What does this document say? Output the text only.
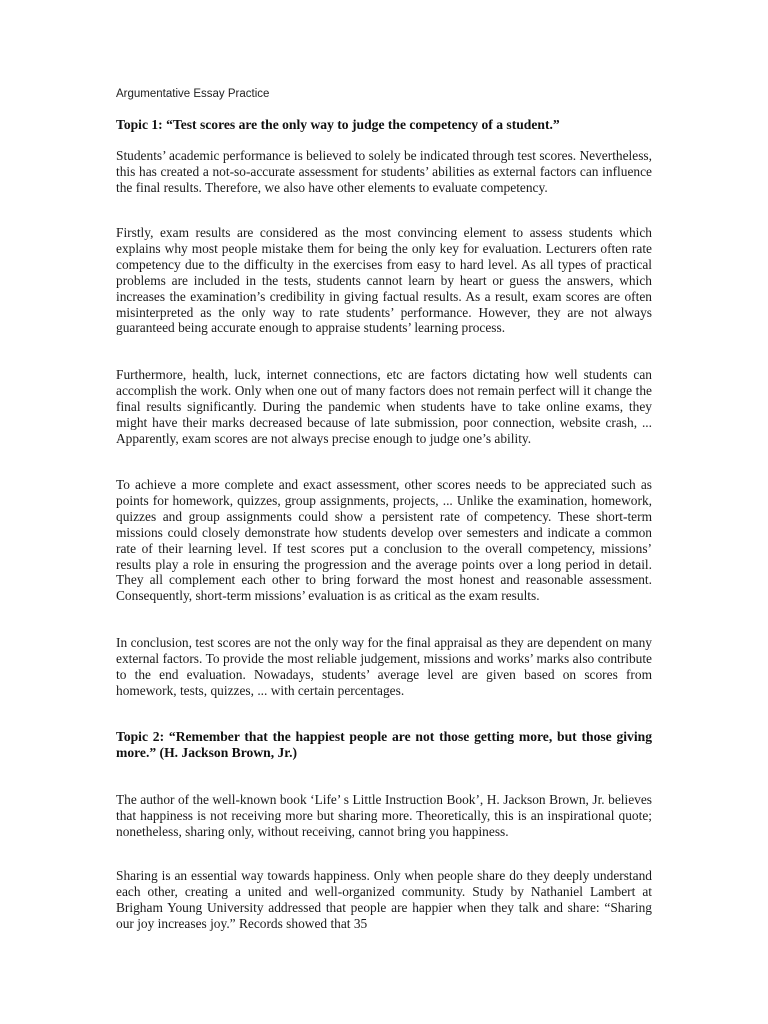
Argumentative Essay Practice

Topic 1: “Test scores are the only way to judge the competency of a student.”

Students’ academic performance is believed to solely be indicated through test scores. Nevertheless, this has created a not-so-accurate assessment for students’ abilities as external factors can influence the final results. Therefore, we also have other elements to evaluate competency.

Firstly, exam results are considered as the most convincing element to assess students which explains why most people mistake them for being the only key for evaluation. Lecturers often rate competency due to the difficulty in the exercises from easy to hard level. As all types of practical problems are included in the tests, students cannot learn by heart or guess the answers, which increases the examination’s credibility in giving factual results. As a result, exam scores are often misinterpreted as the only way to rate students’ performance. However, they are not always guaranteed being accurate enough to appraise students’ learning process.

Furthermore, health, luck, internet connections, etc are factors dictating how well students can accomplish the work. Only when one out of many factors does not remain perfect will it change the final results significantly. During the pandemic when students have to take online exams, they might have their marks decreased because of late submission, poor connection, website crash, ... Apparently, exam scores are not always precise enough to judge one’s ability.

To achieve a more complete and exact assessment, other scores needs to be appreciated such as points for homework, quizzes, group assignments, projects, ... Unlike the examination, homework, quizzes and group assignments could show a persistent rate of competency. These short-term missions could closely demonstrate how students develop over semesters and indicate a common rate of their learning level. If test scores put a conclusion to the overall competency, missions’ results play a role in ensuring the progression and the average points over a long period in detail. They all complement each other to bring forward the most honest and reasonable assessment. Consequently, short-term missions’ evaluation is as critical as the exam results.

In conclusion, test scores are not the only way for the final appraisal as they are dependent on many external factors. To provide the most reliable judgement, missions and works’ marks also contribute to the end evaluation. Nowadays, students’ average level are given based on scores from homework, tests, quizzes, ... with certain percentages.

Topic 2: “Remember that the happiest people are not those getting more, but those giving more.” (H. Jackson Brown, Jr.)

The author of the well-known book ‘Life’ s Little Instruction Book’, H. Jackson Brown, Jr. believes that happiness is not receiving more but sharing more. Theoretically, this is an inspirational quote; nonetheless, sharing only, without receiving, cannot bring you happiness.

Sharing is an essential way towards happiness. Only when people share do they deeply understand each other, creating a united and well-organized community. Study by Nathaniel Lambert at Brigham Young University addressed that people are happier when they talk and share: “Sharing our joy increases joy.” Records showed that 35
